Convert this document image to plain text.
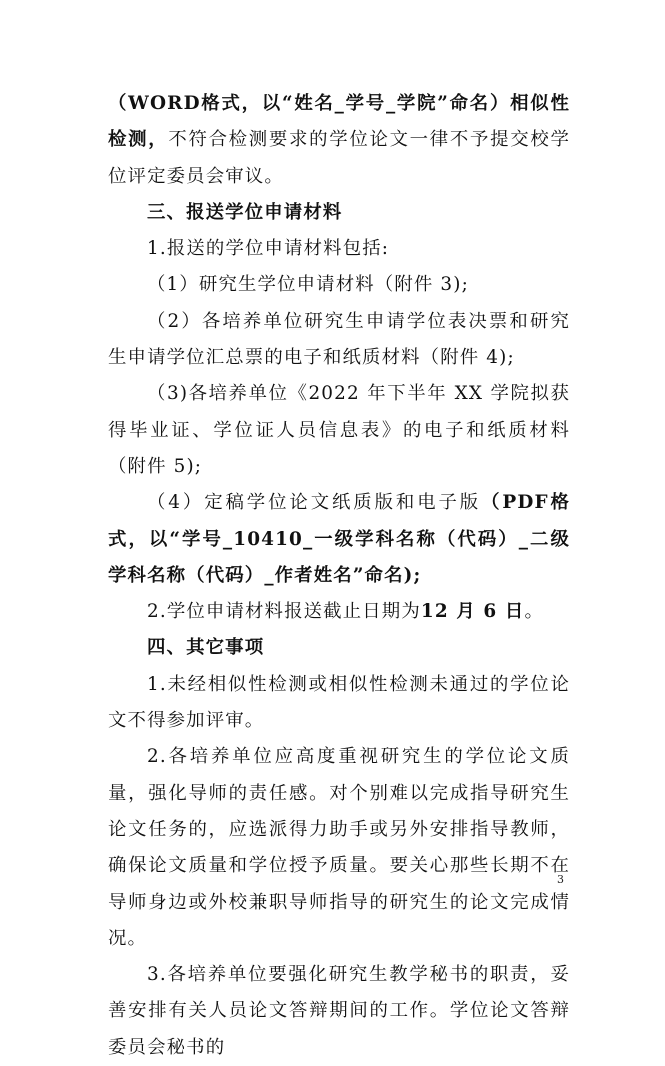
（WORD格式，以“姓名_学号_学院”命名）相似性检测，不符合检测要求的学位论文一律不予提交校学位评定委员会审议。

三、报送学位申请材料

1.报送的学位申请材料包括:

（1）研究生学位申请材料（附件 3);

（2）各培养单位研究生申请学位表决票和研究生申请学位汇总票的电子和纸质材料（附件 4);

（3)各培养单位《2022 年下半年 XX 学院拟获得毕业证、学位证人员信息表》的电子和纸质材料（附件 5);

（4）定稿学位论文纸质版和电子版（PDF格式，以“学号_10410_一级学科名称（代码）_二级学科名称（代码）_作者姓名”命名);

2.学位申请材料报送截止日期为12 月 6 日。

四、其它事项

1.未经相似性检测或相似性检测未通过的学位论文不得参加评审。

2.各培养单位应高度重视研究生的学位论文质量，强化导师的责任感。对个别难以完成指导研究生论文任务的，应选派得力助手或另外安排指导教师，确保论文质量和学位授予质量。要关心那些长期不在导师身边或外校兼职导师指导的研究生的论文完成情况。

3.各培养单位要强化研究生教学秘书的职责，妥善安排有关人员论文答辩期间的工作。学位论文答辩委员会秘书的

3
